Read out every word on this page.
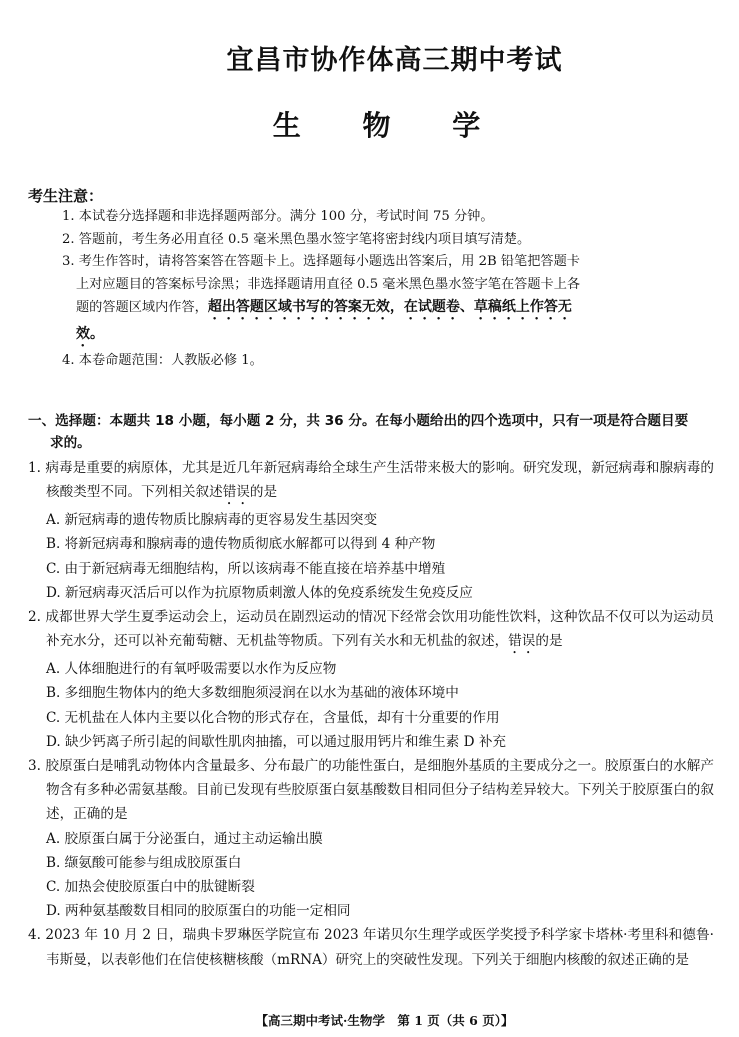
宜昌市协作体高三期中考试
生 物 学
考生注意：

1. 本试卷分选择题和非选择题两部分。满分 100 分，考试时间 75 分钟。

2. 答题前，考生务必用直径 0.5 毫米黑色墨水签字笔将密封线内项目填写清楚。

3. 考生作答时，请将答案答在答题卡上。选择题每小题选出答案后，用 2B 铅笔把答题卡上对应题目的答案标号涂黑；非选择题请用直径 0.5 毫米黑色墨水签字笔在答题卡上各题的答题区域内作答，超出答题区域书写的答案无效，在试题卷、草稿纸上作答无效。

4. 本卷命题范围：人教版必修 1。

一、选择题：本题共 18 小题，每小题 2 分，共 36 分。在每小题给出的四个选项中，只有一项是符合题目要
求的。
1. 病毒是重要的病原体，尤其是近几年新冠病毒给全球生产生活带来极大的影响。研究发现，新冠病毒和腺病毒的核酸类型不同。下列相关叙述错误的是
A. 新冠病毒的遗传物质比腺病毒的更容易发生基因突变
B. 将新冠病毒和腺病毒的遗传物质彻底水解都可以得到 4 种产物
C. 由于新冠病毒无细胞结构，所以该病毒不能直接在培养基中增殖
D. 新冠病毒灭活后可以作为抗原物质刺激人体的免疫系统发生免疫反应
2. 成都世界大学生夏季运动会上，运动员在剧烈运动的情况下经常会饮用功能性饮料，这种饮品不仅可以为运动员补充水分，还可以补充葡萄糖、无机盐等物质。下列有关水和无机盐的叙述，错误的是
A. 人体细胞进行的有氧呼吸需要以水作为反应物
B. 多细胞生物体内的绝大多数细胞须浸润在以水为基础的液体环境中
C. 无机盐在人体内主要以化合物的形式存在，含量低，却有十分重要的作用
D. 缺少钙离子所引起的间歇性肌肉抽搐，可以通过服用钙片和维生素 D 补充
3. 胶原蛋白是哺乳动物体内含量最多、分布最广的功能性蛋白，是细胞外基质的主要成分之一。胶原蛋白的水解产物含有多种必需氨基酸。目前已发现有些胶原蛋白氨基酸数目相同但分子结构差异较大。下列关于胶原蛋白的叙述，正确的是
A. 胶原蛋白属于分泌蛋白，通过主动运输出膜
B. 缬氨酸可能参与组成胶原蛋白
C. 加热会使胶原蛋白中的肽键断裂
D. 两种氨基酸数目相同的胶原蛋白的功能一定相同
4. 2023 年 10 月 2 日，瑞典卡罗琳医学院宣布 2023 年诺贝尔生理学或医学奖授予科学家卡塔林·考里科和德鲁·韦斯曼，以表彰他们在信使核糖核酸（mRNA）研究上的突破性发现。下列关于细胞内核酸的叙述正确的是
【高三期中考试·生物学　第 1 页（共 6 页）】
